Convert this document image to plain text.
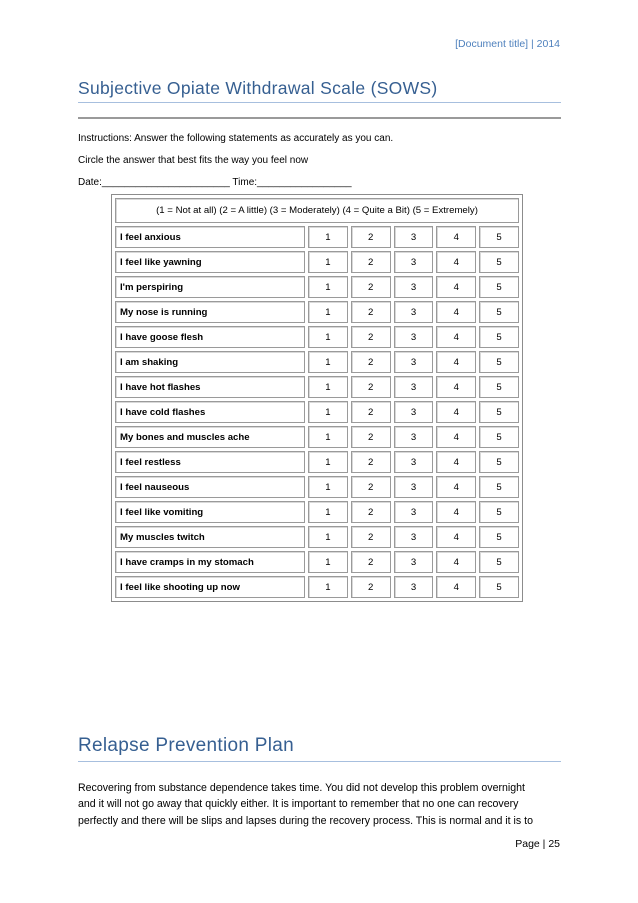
[Document title] | 2014
Subjective Opiate Withdrawal Scale (SOWS)
Instructions: Answer the following statements as accurately as you can.
Circle the answer that best fits the way you feel now
Date:_______________________ Time:_________________
(1 = Not at all) (2 = A little) (3 = Moderately) (4 = Quite a Bit) (5 = Extremely)					
I feel anxious	1	2	3	4	5
I feel like yawning	1	2	3	4	5
I'm perspiring	1	2	3	4	5
My nose is running	1	2	3	4	5
I have goose flesh	1	2	3	4	5
I am shaking	1	2	3	4	5
I have hot flashes	1	2	3	4	5
I have cold flashes	1	2	3	4	5
My bones and muscles ache	1	2	3	4	5
I feel restless	1	2	3	4	5
I feel nauseous	1	2	3	4	5
I feel like vomiting	1	2	3	4	5
My muscles twitch	1	2	3	4	5
I have cramps in my stomach	1	2	3	4	5
I feel like shooting up now	1	2	3	4	5
Relapse Prevention Plan
Recovering from substance dependence takes time. You did not develop this problem overnight
and it will not go away that quickly either. It is important to remember that no one can recovery
perfectly and there will be slips and lapses during the recovery process. This is normal and it is to
Page | 25
